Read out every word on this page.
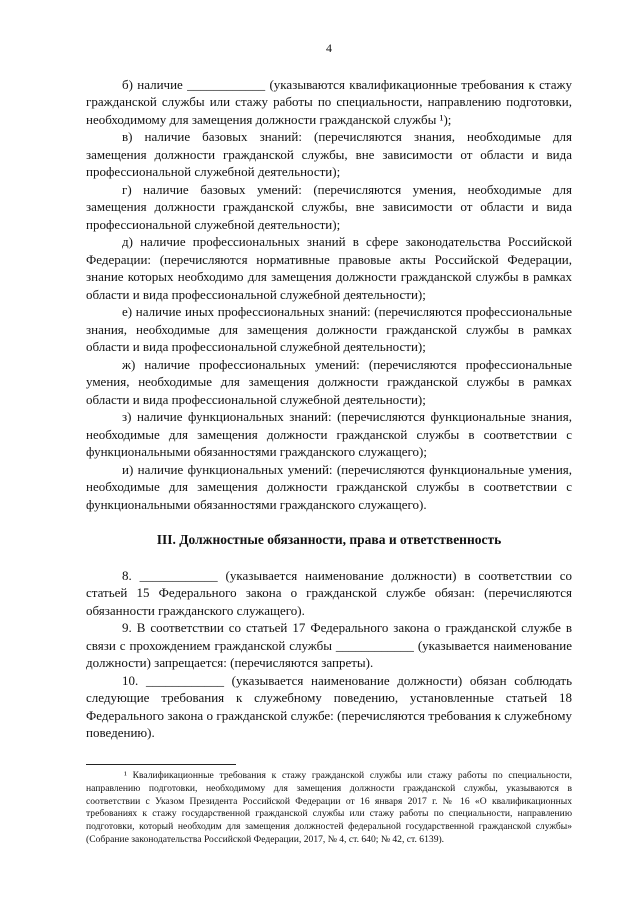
4

б) наличие ____________ (указываются квалификационные требования к стажу гражданской службы или стажу работы по специальности, направлению подготовки, необходимому для замещения должности гражданской службы ¹);

в) наличие базовых знаний: (перечисляются знания, необходимые для замещения должности гражданской службы, вне зависимости от области и вида профессиональной служебной деятельности);

г) наличие базовых умений: (перечисляются умения, необходимые для замещения должности гражданской службы, вне зависимости от области и вида профессиональной служебной деятельности);

д) наличие профессиональных знаний в сфере законодательства Российской Федерации: (перечисляются нормативные правовые акты Российской Федерации, знание которых необходимо для замещения должности гражданской службы в рамках области и вида профессиональной служебной деятельности);

е) наличие иных профессиональных знаний: (перечисляются профессиональные знания, необходимые для замещения должности гражданской службы в рамках области и вида профессиональной служебной деятельности);

ж) наличие профессиональных умений: (перечисляются профессиональные умения, необходимые для замещения должности гражданской службы в рамках области и вида профессиональной служебной деятельности);

з) наличие функциональных знаний: (перечисляются функциональные знания, необходимые для замещения должности гражданской службы в соответствии с функциональными обязанностями гражданского служащего);

и) наличие функциональных умений: (перечисляются функциональные умения, необходимые для замещения должности гражданской службы в соответствии с функциональными обязанностями гражданского служащего).

III. Должностные обязанности, права и ответственность

8. ____________ (указывается наименование должности) в соответствии со статьей 15 Федерального закона о гражданской службе обязан: (перечисляются обязанности гражданского служащего).

9. В соответствии со статьей 17 Федерального закона о гражданской службе в связи с прохождением гражданской службы ____________ (указывается наименование должности) запрещается: (перечисляются запреты).

10. ____________ (указывается наименование должности) обязан соблюдать следующие требования к служебному поведению, установленные статьей 18 Федерального закона о гражданской службе: (перечисляются требования к служебному поведению).

¹ Квалификационные требования к стажу гражданской службы или стажу работы по специальности, направлению подготовки, необходимому для замещения должности гражданской службы, указываются в соответствии с Указом Президента Российской Федерации от 16 января 2017 г. № 16 «О квалификационных требованиях к стажу государственной гражданской службы или стажу работы по специальности, направлению подготовки, который необходим для замещения должностей федеральной государственной гражданской службы» (Собрание законодательства Российской Федерации, 2017, № 4, ст. 640; № 42, ст. 6139).
